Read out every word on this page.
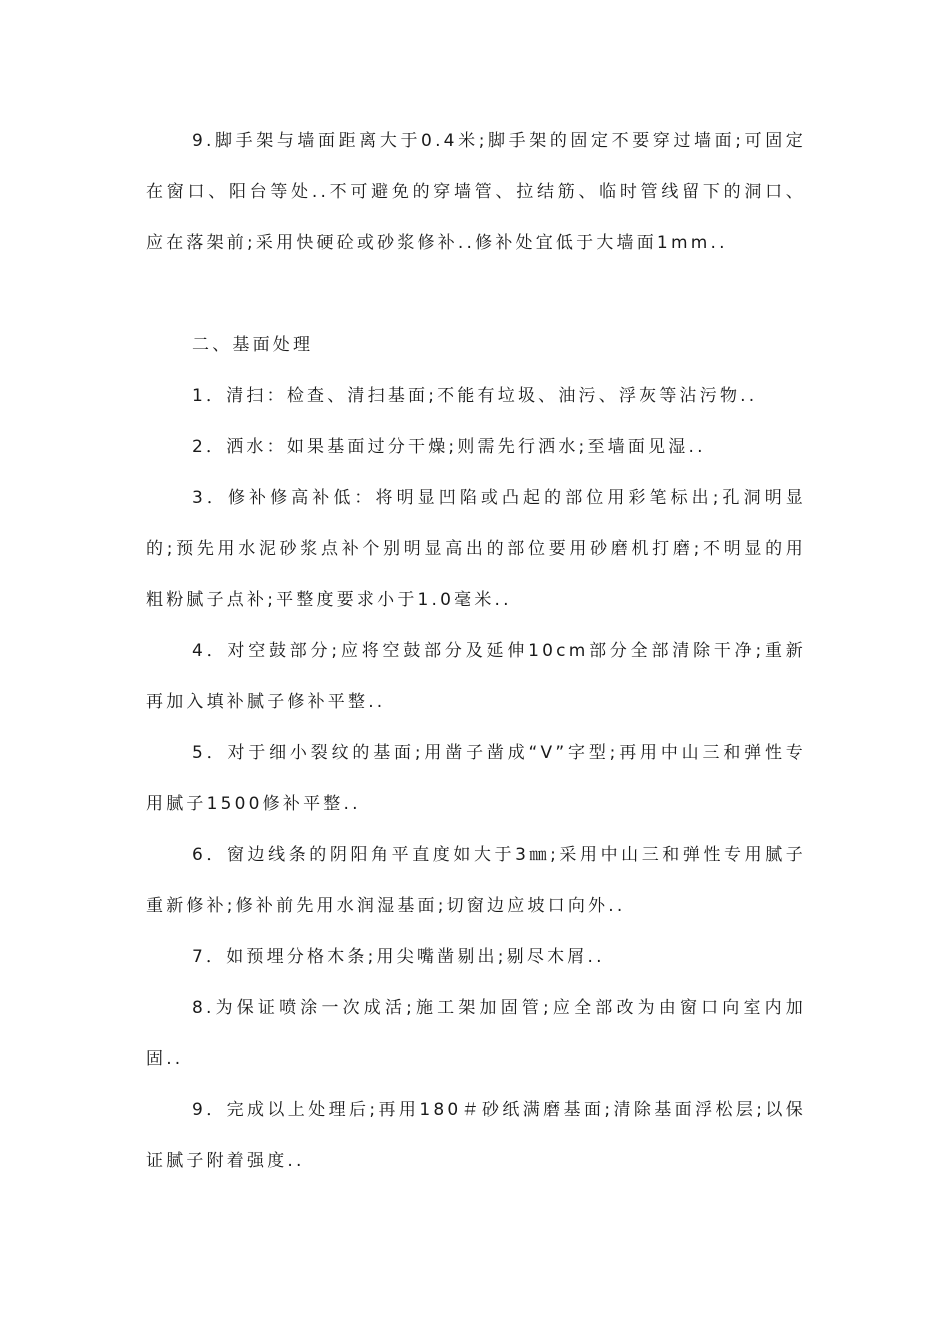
9.脚手架与墙面距离大于0.4米;脚手架的固定不要穿过墙面;可固定在窗口、阳台等处..不可避免的穿墙管、拉结筋、临时管线留下的洞口、应在落架前;采用快硬砼或砂浆修补..修补处宜低于大墙面1mm..

二、基面处理

1．清扫：检查、清扫基面;不能有垃圾、油污、浮灰等沾污物..

2．洒水：如果基面过分干燥;则需先行洒水;至墙面见湿..

3．修补修高补低：将明显凹陷或凸起的部位用彩笔标出;孔洞明显的;预先用水泥砂浆点补个别明显高出的部位要用砂磨机打磨;不明显的用粗粉腻子点补;平整度要求小于1.0毫米..

4．对空鼓部分;应将空鼓部分及延伸10cm部分全部清除干净;重新再加入填补腻子修补平整..

5．对于细小裂纹的基面;用凿子凿成“V”字型;再用中山三和弹性专用腻子1500修补平整..

6．窗边线条的阴阳角平直度如大于3㎜;采用中山三和弹性专用腻子重新修补;修补前先用水润湿基面;切窗边应坡口向外..

7．如预埋分格木条;用尖嘴凿剔出;剔尽木屑..

8.为保证喷涂一次成活;施工架加固管;应全部改为由窗口向室内加固..

9．完成以上处理后;再用180＃砂纸满磨基面;清除基面浮松层;以保证腻子附着强度..
